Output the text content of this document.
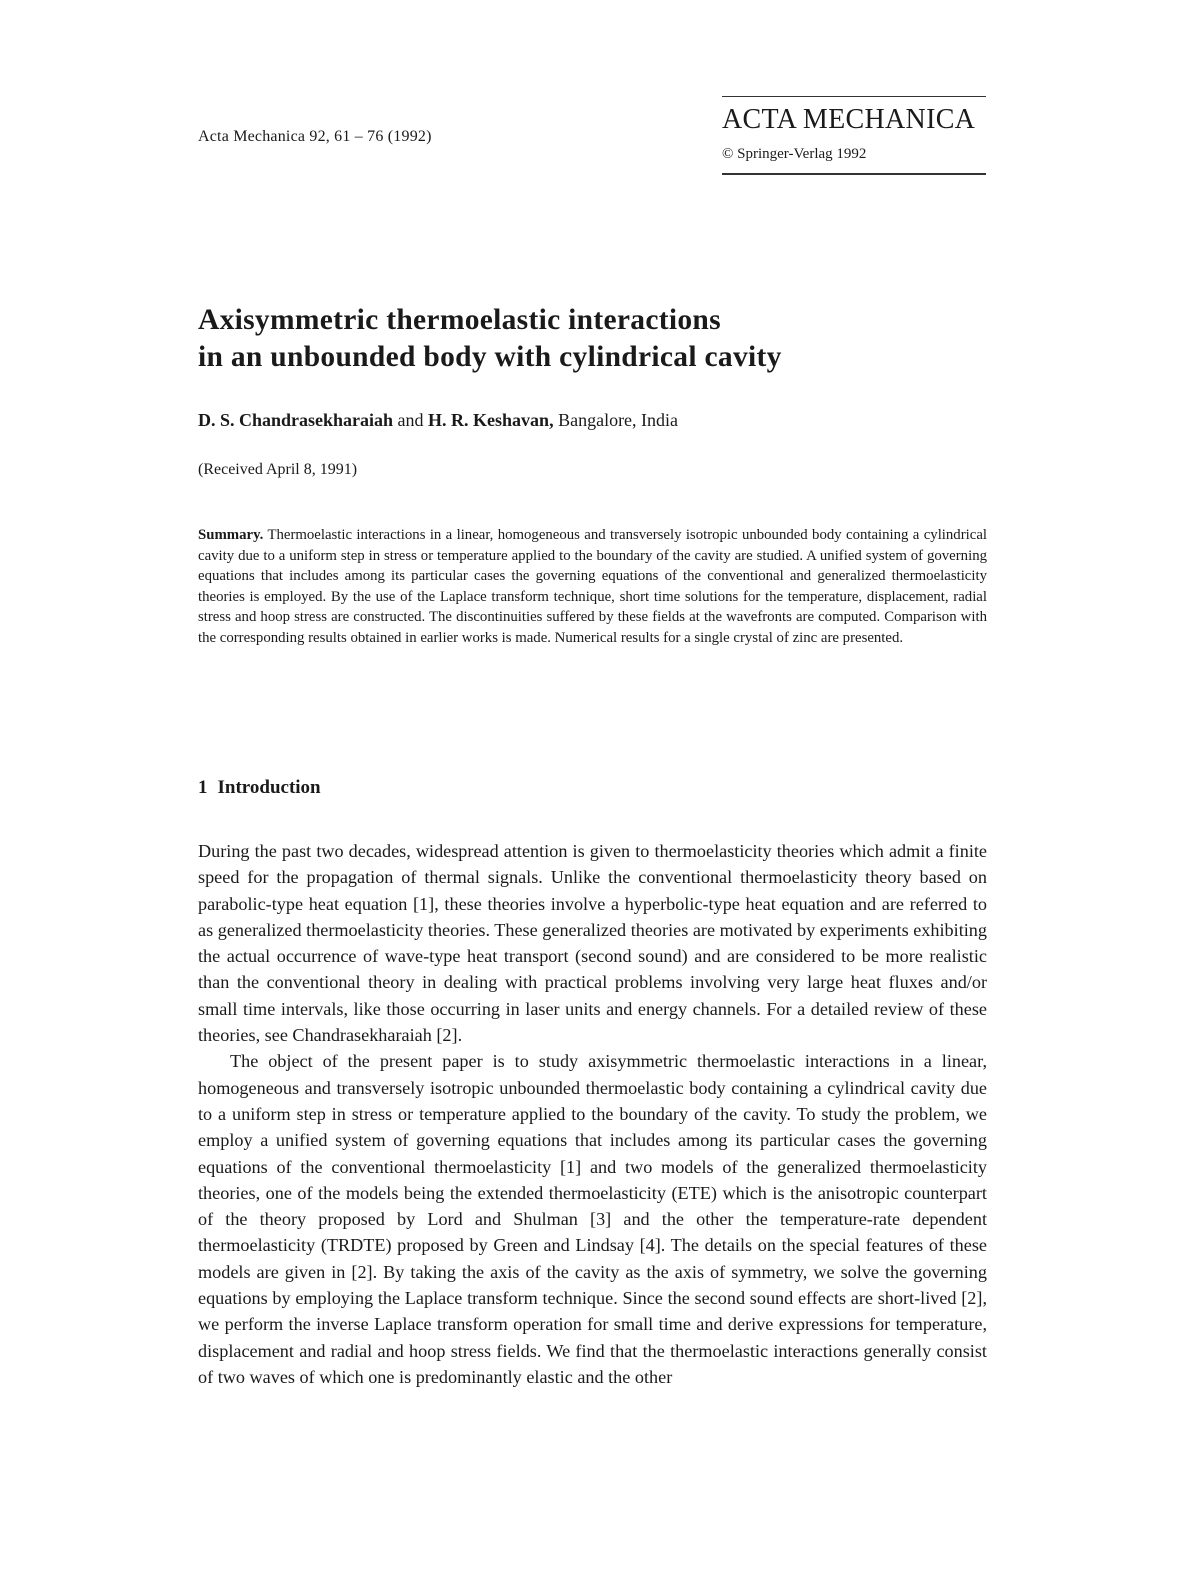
Acta Mechanica 92, 61 – 76 (1992)
ACTA MECHANICA
© Springer-Verlag 1992
Axisymmetric thermoelastic interactions
in an unbounded body with cylindrical cavity
D. S. Chandrasekharaiah and H. R. Keshavan, Bangalore, India
(Received April 8, 1991)
Summary. Thermoelastic interactions in a linear, homogeneous and transversely isotropic unbounded body containing a cylindrical cavity due to a uniform step in stress or temperature applied to the boundary of the cavity are studied. A unified system of governing equations that includes among its particular cases the governing equations of the conventional and generalized thermoelasticity theories is employed. By the use of the Laplace transform technique, short time solutions for the temperature, displacement, radial stress and hoop stress are constructed. The discontinuities suffered by these fields at the wavefronts are computed. Comparison with the corresponding results obtained in earlier works is made. Numerical results for a single crystal of zinc are presented.
1 Introduction

During the past two decades, widespread attention is given to thermoelasticity theories which admit a finite speed for the propagation of thermal signals. Unlike the conventional thermoelasticity theory based on parabolic-type heat equation [1], these theories involve a hyperbolic-type heat equation and are referred to as generalized thermoelasticity theories. These generalized theories are motivated by experiments exhibiting the actual occurrence of wave-type heat transport (second sound) and are considered to be more realistic than the conventional theory in dealing with practical problems involving very large heat fluxes and/or small time intervals, like those occurring in laser units and energy channels. For a detailed review of these theories, see Chandrasekharaiah [2].

The object of the present paper is to study axisymmetric thermoelastic interactions in a linear, homogeneous and transversely isotropic unbounded thermoelastic body containing a cylindrical cavity due to a uniform step in stress or temperature applied to the boundary of the cavity. To study the problem, we employ a unified system of governing equations that includes among its particular cases the governing equations of the conventional thermoelasticity [1] and two models of the generalized thermoelasticity theories, one of the models being the extended thermoelasticity (ETE) which is the anisotropic counterpart of the theory proposed by Lord and Shulman [3] and the other the temperature-rate dependent thermoelasticity (TRDTE) proposed by Green and Lindsay [4]. The details on the special features of these models are given in [2]. By taking the axis of the cavity as the axis of symmetry, we solve the governing equations by employing the Laplace transform technique. Since the second sound effects are short-lived [2], we perform the inverse Laplace transform operation for small time and derive expressions for temperature, displacement and radial and hoop stress fields. We find that the thermoelastic interactions generally consist of two waves of which one is predominantly elastic and the other
